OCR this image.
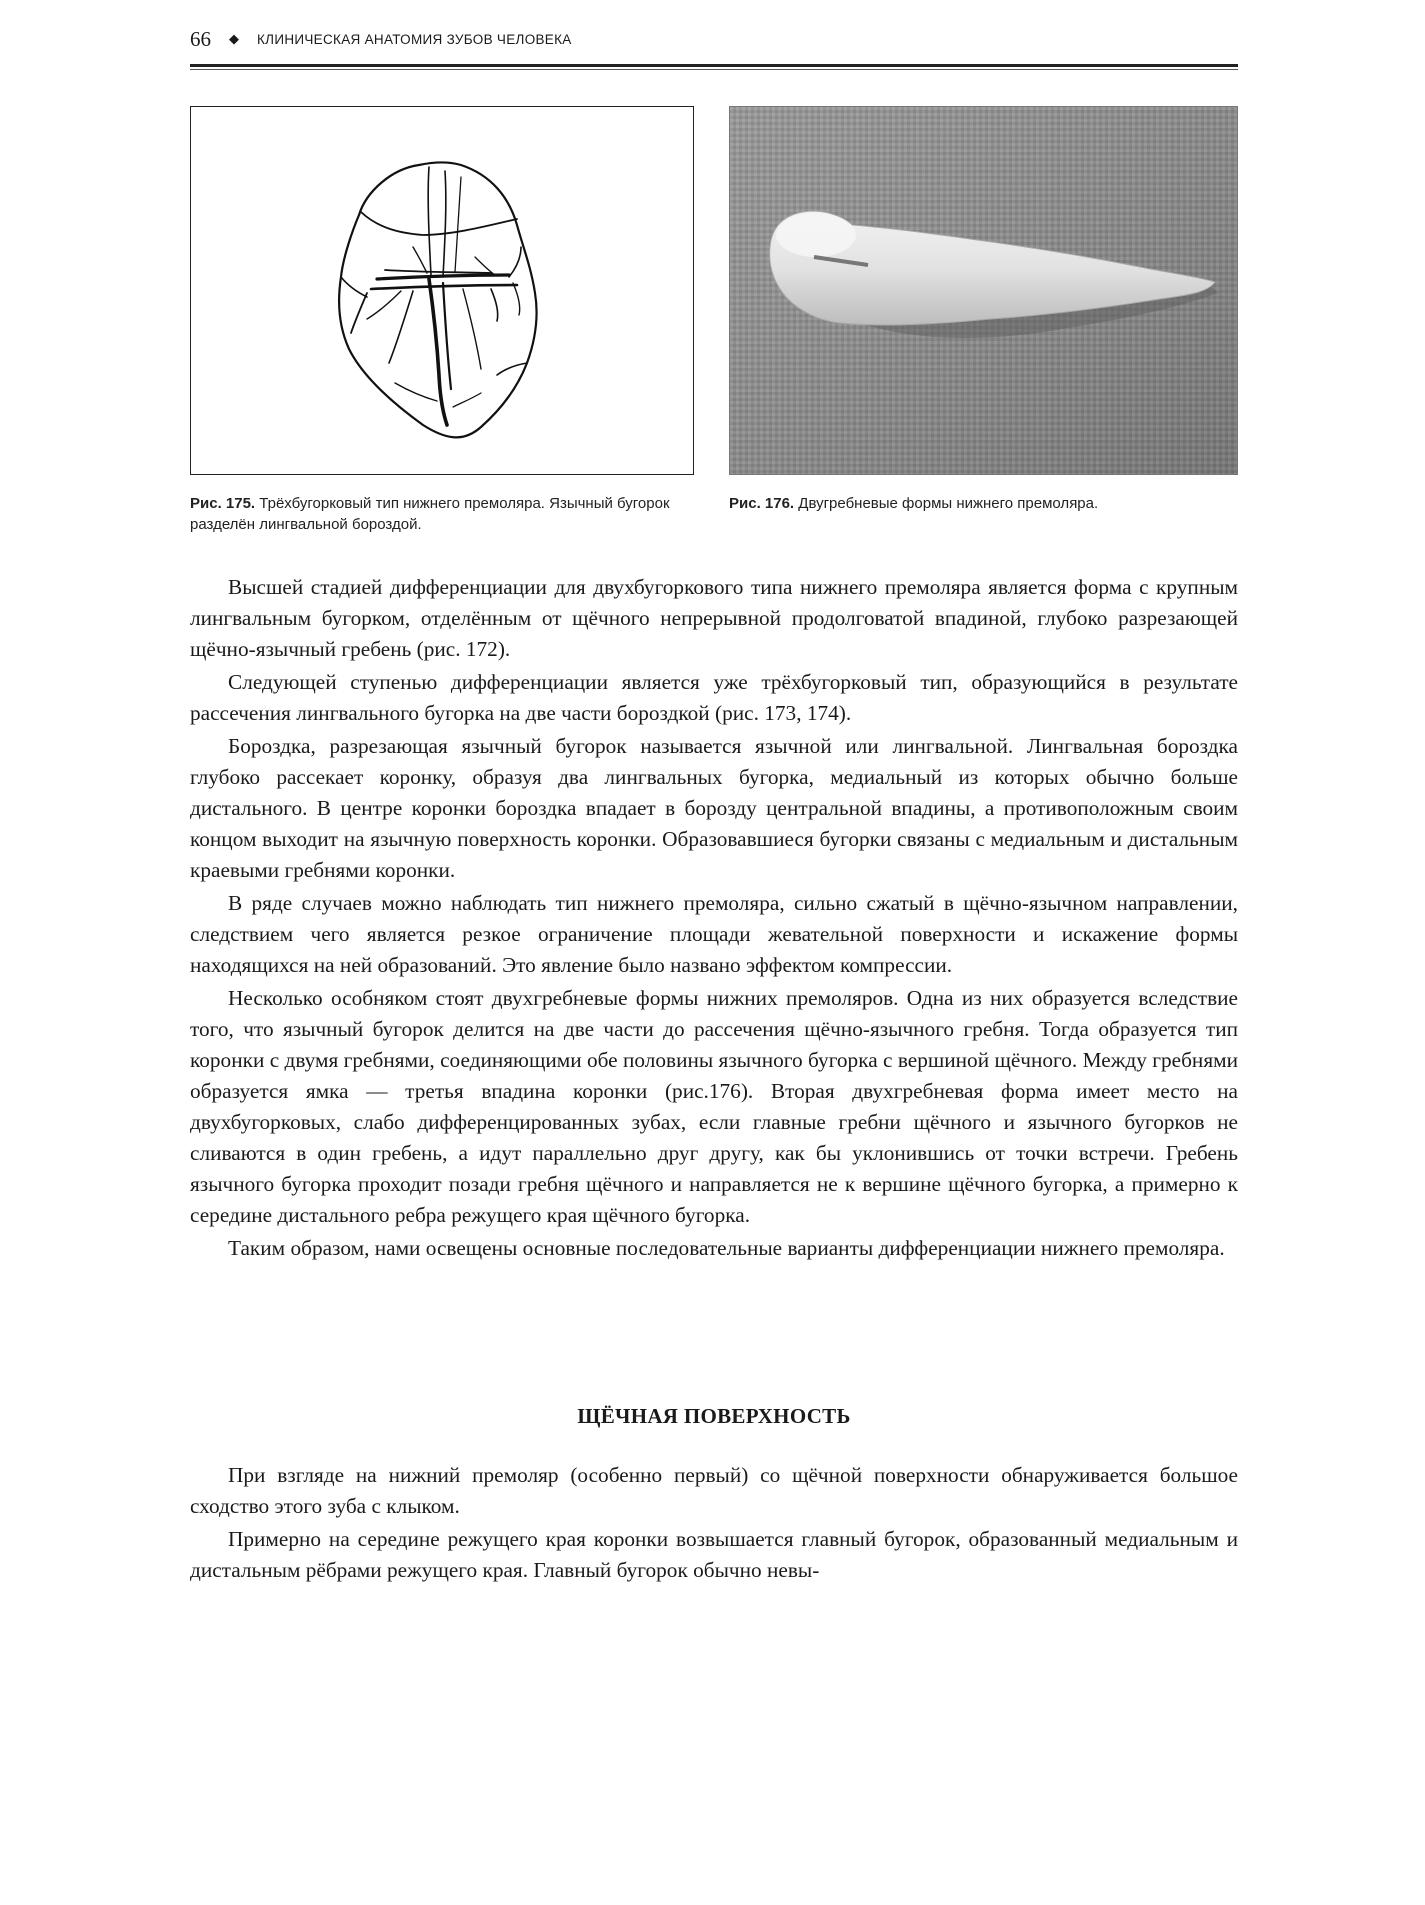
66 ◆ КЛИНИЧЕСКАЯ АНАТОМИЯ ЗУБОВ ЧЕЛОВЕКА
Рис. 175. Трёхбугорковый тип нижнего премоляра. Язычный бугорок разделён лингвальной бороздой.
Рис. 176. Двугребневые формы нижнего премоляра.

Высшей стадией дифференциации для двухбугоркового типа нижнего премоляра является форма с крупным лингвальным бугорком, отделённым от щёчного непрерывной продолговатой впадиной, глубоко разрезающей щёчно-язычный гребень (рис. 172).

Следующей ступенью дифференциации является уже трёхбугорковый тип, образующийся в результате рассечения лингвального бугорка на две части бороздкой (рис. 173, 174).

Бороздка, разрезающая язычный бугорок называется язычной или лингвальной. Лингвальная бороздка глубоко рассекает коронку, образуя два лингвальных бугорка, медиальный из которых обычно больше дистального. В центре коронки бороздка впадает в борозду центральной впадины, а противоположным своим концом выходит на язычную поверхность коронки. Образовавшиеся бугорки связаны с медиальным и дистальным краевыми гребнями коронки.

В ряде случаев можно наблюдать тип нижнего премоляра, сильно сжатый в щёчно-язычном направлении, следствием чего является резкое ограничение площади жевательной поверхности и искажение формы находящихся на ней образований. Это явление было названо эффектом компрессии.

Несколько особняком стоят двухгребневые формы нижних премоляров. Одна из них образуется вследствие того, что язычный бугорок делится на две части до рассечения щёчно-язычного гребня. Тогда образуется тип коронки с двумя гребнями, соединяющими обе половины язычного бугорка с вершиной щёчного. Между гребнями образуется ямка — третья впадина коронки (рис.176). Вторая двухгребневая форма имеет место на двухбугорковых, слабо дифференцированных зубах, если главные гребни щёчного и язычного бугорков не сливаются в один гребень, а идут параллельно друг другу, как бы уклонившись от точки встречи. Гребень язычного бугорка проходит позади гребня щёчного и направляется не к вершине щёчного бугорка, а примерно к середине дистального ребра режущего края щёчного бугорка.

Таким образом, нами освещены основные последовательные варианты дифференциации нижнего премоляра.

ЩЁЧНАЯ ПОВЕРХНОСТЬ

При взгляде на нижний премоляр (особенно первый) со щёчной поверхности обнаруживается большое сходство этого зуба с клыком.

Примерно на середине режущего края коронки возвышается главный бугорок, образованный медиальным и дистальным рёбрами режущего края. Главный бугорок обычно невы-
